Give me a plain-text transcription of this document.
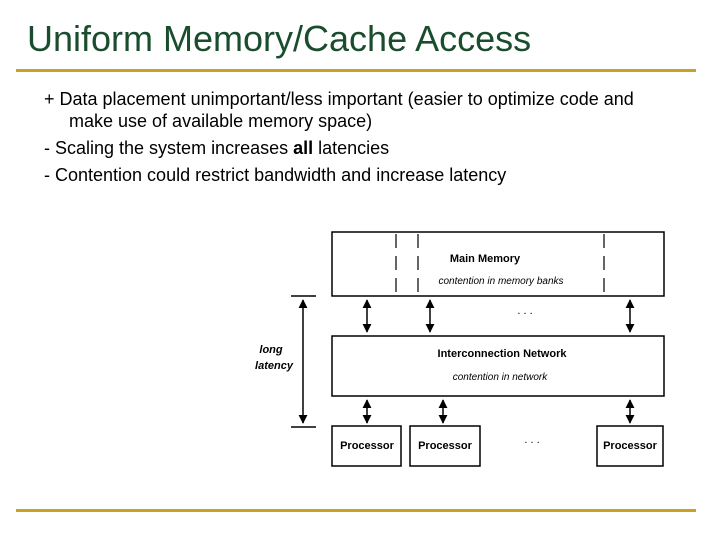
Uniform Memory/Cache Access
+ Data placement unimportant/less important (easier to optimize code and
make use of available memory space)
- Scaling the system increases all latencies
- Contention could restrict bandwidth and increase latency
Main Memory
contention in memory banks
. . .
Interconnection Network
contention in network
Processor Processor	. . .	Processor
long
latency
